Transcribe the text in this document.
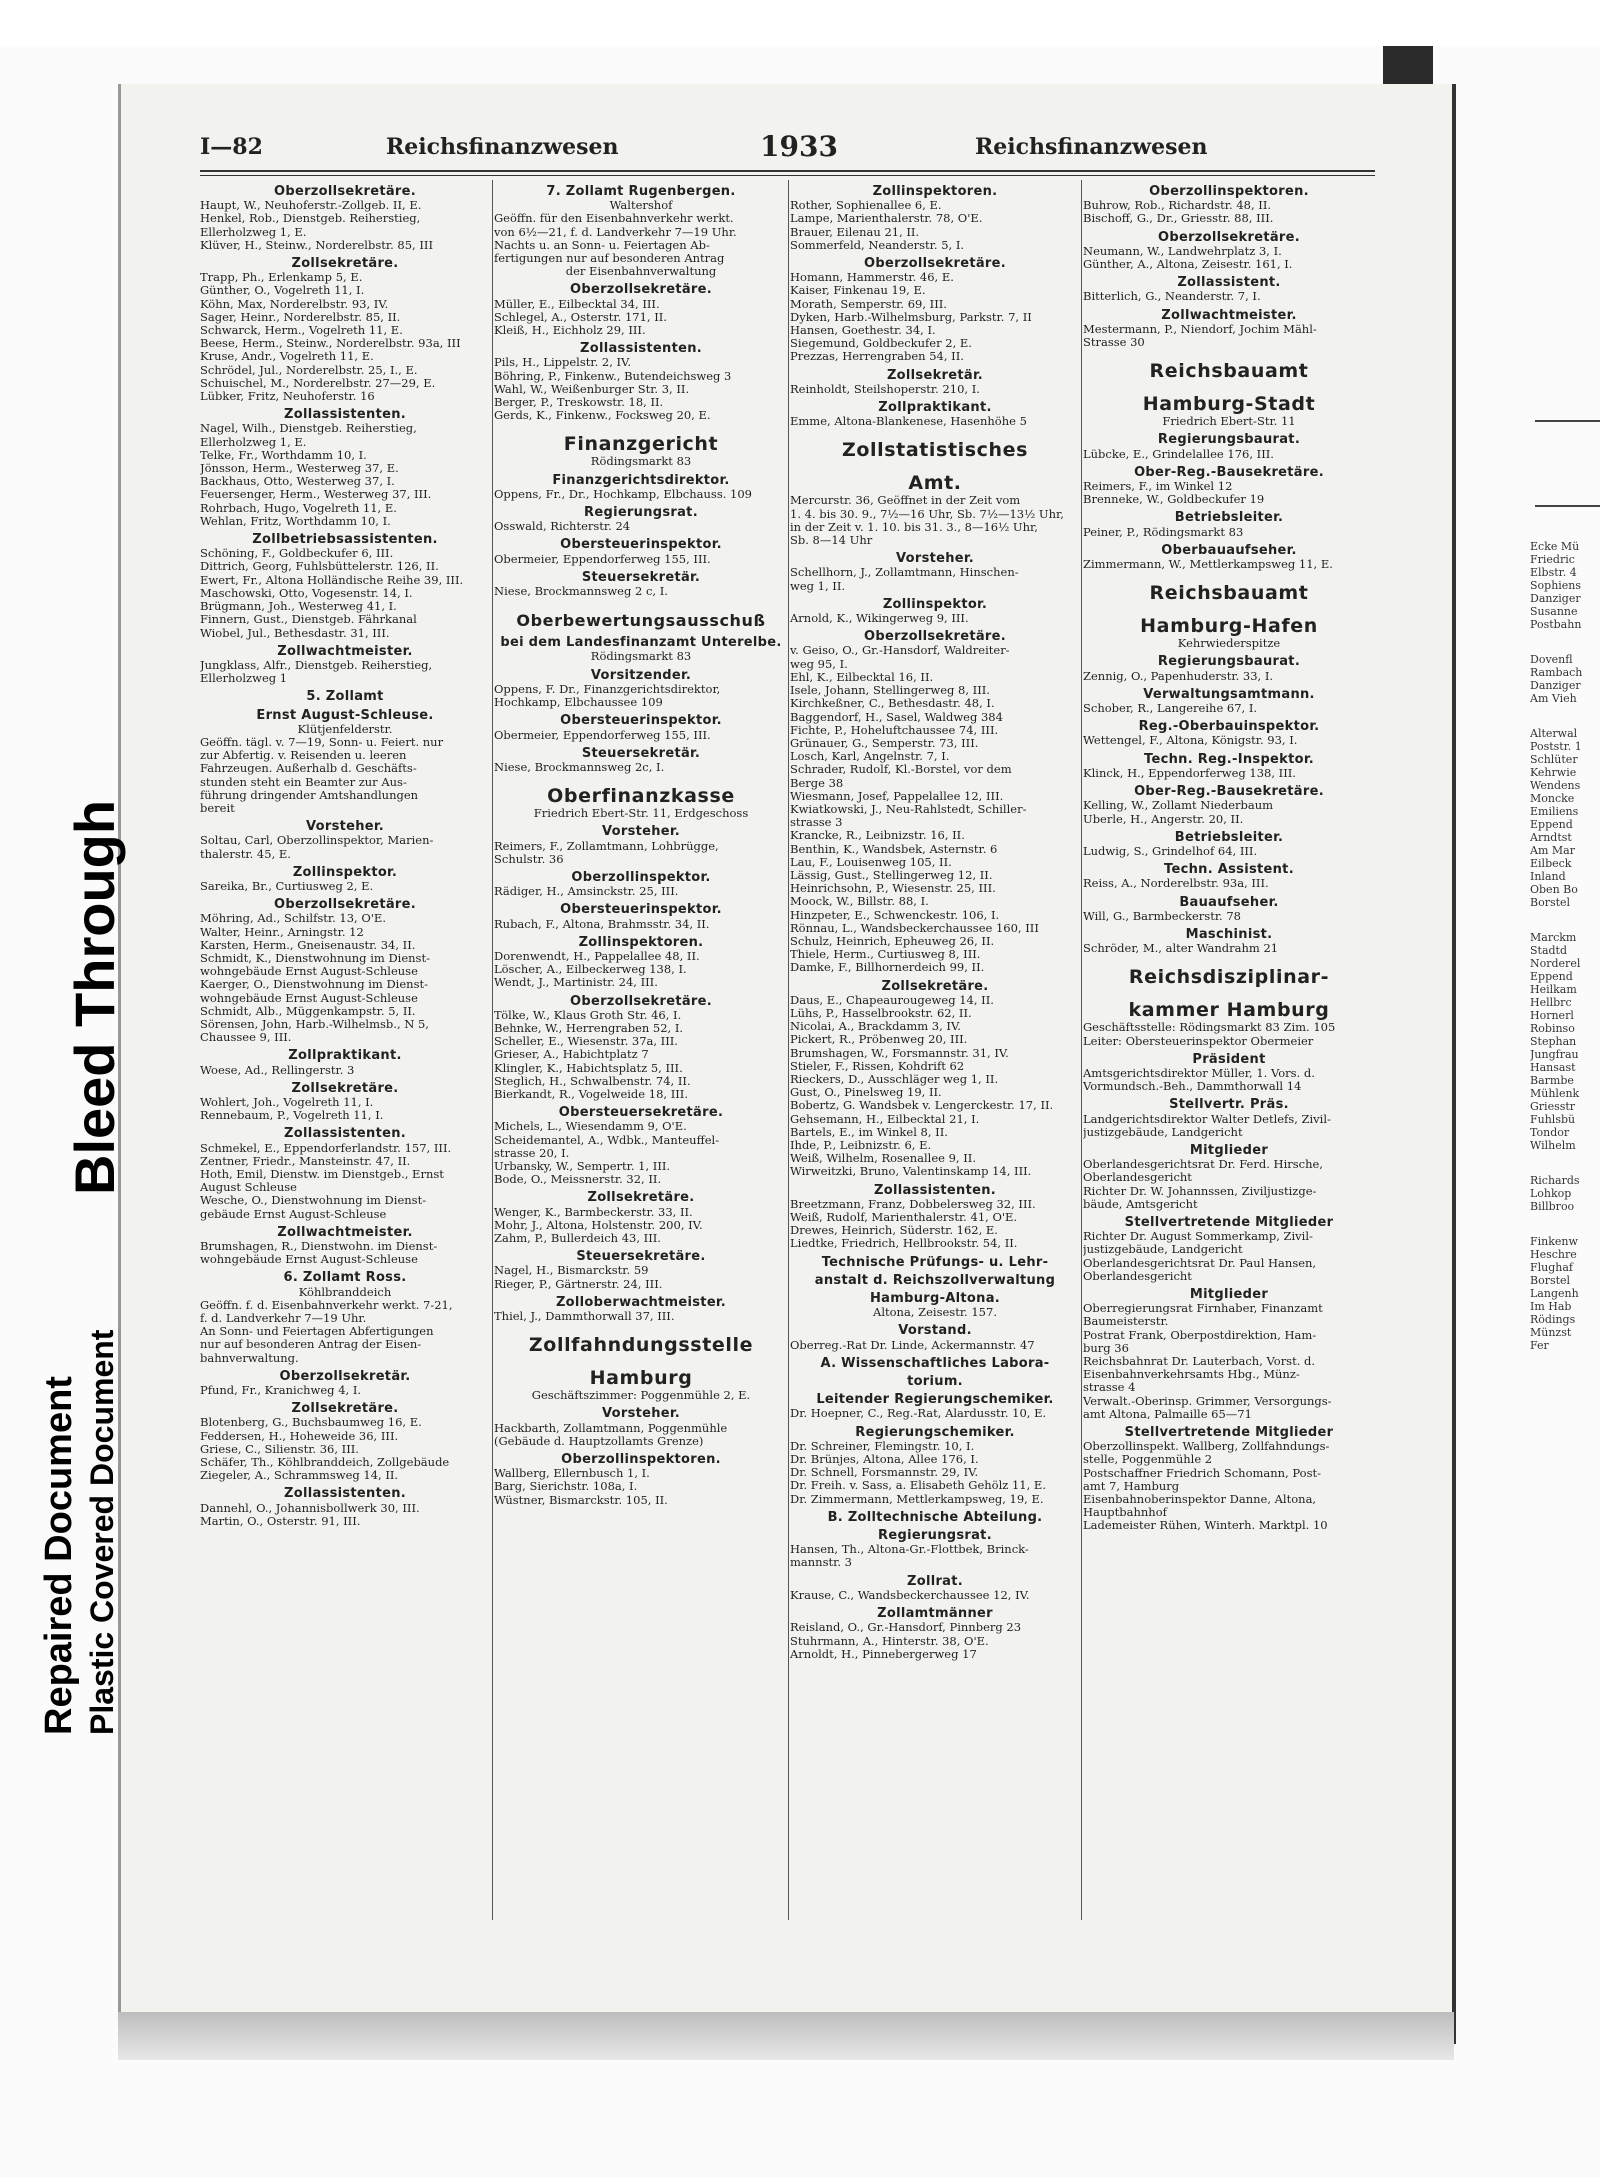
I—82	Reichsfinanzwesen	1933	Reichsfinanzwesen
Oberzollsekretäre.
Haupt, W., Neuhoferstr.-Zollgeb. II, E.
Henkel, Rob., Dienstgeb. Reiherstieg,
Ellerholzweg 1, E.
Klüver, H., Steinw., Norderelbstr. 85, III
Zollsekretäre.
Trapp, Ph., Erlenkamp 5, E.
Günther, O., Vogelreth 11, I.
Köhn, Max, Norderelbstr. 93, IV.
Sager, Heinr., Norderelbstr. 85, II.
Schwarck, Herm., Vogelreth 11, E.
Beese, Herm., Steinw., Norderelbstr. 93a, III
Kruse, Andr., Vogelreth 11, E.
Schrödel, Jul., Norderelbstr. 25, I., E.
Schuischel, M., Norderelbstr. 27—29, E.
Lübker, Fritz, Neuhoferstr. 16
Zollassistenten.
Nagel, Wilh., Dienstgeb. Reiherstieg,
Ellerholzweg 1, E.
Telke, Fr., Worthdamm 10, I.
Jönsson, Herm., Westerweg 37, E.
Backhaus, Otto, Westerweg 37, I.
Feuersenger, Herm., Westerweg 37, III.
Rohrbach, Hugo, Vogelreth 11, E.
Wehlan, Fritz, Worthdamm 10, I.
Zollbetriebsassistenten.
Schöning, F., Goldbeckufer 6, III.
Dittrich, Georg, Fuhlsbüttelerstr. 126, II.
Ewert, Fr., Altona Holländische Reihe 39, III.
Maschowski, Otto, Vogesenstr. 14, I.
Brügmann, Joh., Westerweg 41, I.
Finnern, Gust., Dienstgeb. Fährkanal
Wiobel, Jul., Bethesdastr. 31, III.
Zollwachtmeister.
Jungklass, Alfr., Dienstgeb. Reiherstieg,
Ellerholzweg 1
5. Zollamt
Ernst August-Schleuse.
Klütjenfelderstr.
Geöffn. tägl. v. 7—19, Sonn- u. Feiert. nur
zur Abfertig. v. Reisenden u. leeren
Fahrzeugen. Außerhalb d. Geschäfts-
stunden steht ein Beamter zur Aus-
führung dringender Amtshandlungen
bereit
Vorsteher.
Soltau, Carl, Oberzollinspektor, Marien-
thalerstr. 45, E.
Zollinspektor.
Sareika, Br., Curtiusweg 2, E.
Oberzollsekretäre.
Möhring, Ad., Schilfstr. 13, O'E.
Walter, Heinr., Arningstr. 12
Karsten, Herm., Gneisenaustr. 34, II.
Schmidt, K., Dienstwohnung im Dienst-
wohngebäude Ernst August-Schleuse
Kaerger, O., Dienstwohnung im Dienst-
wohngebäude Ernst August-Schleuse
Schmidt, Alb., Müggenkampstr. 5, II.
Sörensen, John, Harb.-Wilhelmsb., N 5,
Chaussee 9, III.
Zollpraktikant.
Woese, Ad., Rellingerstr. 3
Zollsekretäre.
Wohlert, Joh., Vogelreth 11, I.
Rennebaum, P., Vogelreth 11, I.
Zollassistenten.
Schmekel, E., Eppendorferlandstr. 157, III.
Zentner, Friedr., Mansteinstr. 47, II.
Hoth, Emil, Dienstw. im Dienstgeb., Ernst
August Schleuse
Wesche, O., Dienstwohnung im Dienst-
gebäude Ernst August-Schleuse
Zollwachtmeister.
Brumshagen, R., Dienstwohn. im Dienst-
wohngebäude Ernst August-Schleuse
6. Zollamt Ross.
Köhlbranddeich
Geöffn. f. d. Eisenbahnverkehr werkt. 7-21,
f. d. Landverkehr 7—19 Uhr.
An Sonn- und Feiertagen Abfertigungen
nur auf besonderen Antrag der Eisen-
bahnverwaltung.
Oberzollsekretär.
Pfund, Fr., Kranichweg 4, I.
Zollsekretäre.
Blotenberg, G., Buchsbaumweg 16, E.
Feddersen, H., Hoheweide 36, III.
Griese, C., Silienstr. 36, III.
Schäfer, Th., Köhlbranddeich, Zollgebäude
Ziegeler, A., Schrammsweg 14, II.
Zollassistenten.
Dannehl, O., Johannisbollwerk 30, III.
Martin, O., Osterstr. 91, III.
7. Zollamt Rugenbergen.
Waltershof
Geöffn. für den Eisenbahnverkehr werkt.
von 6½—21, f. d. Landverkehr 7—19 Uhr.
Nachts u. an Sonn- u. Feiertagen Ab-
fertigungen nur auf besonderen Antrag
der Eisenbahnverwaltung
Oberzollsekretäre.
Müller, E., Eilbecktal 34, III.
Schlegel, A., Osterstr. 171, II.
Kleiß, H., Eichholz 29, III.
Zollassistenten.
Pils, H., Lippelstr. 2, IV.
Böhring, P., Finkenw., Butendeichsweg 3
Wahl, W., Weißenburger Str. 3, II.
Berger, P., Treskowstr. 18, II.
Gerds, K., Finkenw., Focksweg 20, E.
Finanzgericht
Rödingsmarkt 83
Finanzgerichtsdirektor.
Oppens, Fr., Dr., Hochkamp, Elbchauss. 109
Regierungsrat.
Osswald, Richterstr. 24
Obersteuerinspektor.
Obermeier, Eppendorferweg 155, III.
Steuersekretär.
Niese, Brockmannsweg 2 c, I.
Oberbewertungsausschuß
bei dem Landesfinanzamt Unterelbe.
Rödingsmarkt 83
Vorsitzender.
Oppens, F. Dr., Finanzgerichtsdirektor,
Hochkamp, Elbchaussee 109
Obersteuerinspektor.
Obermeier, Eppendorferweg 155, III.
Steuersekretär.
Niese, Brockmannsweg 2c, I.
Oberfinanzkasse
Friedrich Ebert-Str. 11, Erdgeschoss
Vorsteher.
Reimers, F., Zollamtmann, Lohbrügge,
Schulstr. 36
Oberzollinspektor.
Rädiger, H., Amsinckstr. 25, III.
Obersteuerinspektor.
Rubach, F., Altona, Brahmsstr. 34, II.
Zollinspektoren.
Dorenwendt, H., Pappelallee 48, II.
Löscher, A., Eilbeckerweg 138, I.
Wendt, J., Martinistr. 24, III.
Oberzollsekretäre.
Tölke, W., Klaus Groth Str. 46, I.
Behnke, W., Herrengraben 52, I.
Scheller, E., Wiesenstr. 37a, III.
Grieser, A., Habichtplatz 7
Klingler, K., Habichtsplatz 5, III.
Steglich, H., Schwalbenstr. 74, II.
Bierkandt, R., Vogelweide 18, III.
Obersteuersekretäre.
Michels, L., Wiesendamm 9, O'E.
Scheidemantel, A., Wdbk., Manteuffel-
strasse 20, I.
Urbansky, W., Sempertr. 1, III.
Bode, O., Meissnerstr. 32, II.
Zollsekretäre.
Wenger, K., Barmbeckerstr. 33, II.
Mohr, J., Altona, Holstenstr. 200, IV.
Zahm, P., Bullerdeich 43, III.
Steuersekretäre.
Nagel, H., Bismarckstr. 59
Rieger, P., Gärtnerstr. 24, III.
Zolloberwachtmeister.
Thiel, J., Dammthorwall 37, III.
Zollfahndungsstelle
Hamburg
Geschäftszimmer: Poggenmühle 2, E.
Vorsteher.
Hackbarth, Zollamtmann, Poggenmühle
(Gebäude d. Hauptzollamts Grenze)
Oberzollinspektoren.
Wallberg, Ellernbusch 1, I.
Barg, Sierichstr. 108a, I.
Wüstner, Bismarckstr. 105, II.
Zollinspektoren.
Rother, Sophienallee 6, E.
Lampe, Marienthalerstr. 78, O'E.
Brauer, Eilenau 21, II.
Sommerfeld, Neanderstr. 5, I.
Oberzollsekretäre.
Homann, Hammerstr. 46, E.
Kaiser, Finkenau 19, E.
Morath, Semperstr. 69, III.
Dyken, Harb.-Wilhelmsburg, Parkstr. 7, II
Hansen, Goethestr. 34, I.
Siegemund, Goldbeckufer 2, E.
Prezzas, Herrengraben 54, II.
Zollsekretär.
Reinholdt, Steilshoperstr. 210, I.
Zollpraktikant.
Emme, Altona-Blankenese, Hasenhöhe 5
Zollstatistisches
Amt.
Mercurstr. 36, Geöffnet in der Zeit vom
1. 4. bis 30. 9., 7½—16 Uhr, Sb. 7½—13½ Uhr,
in der Zeit v. 1. 10. bis 31. 3., 8—16½ Uhr,
Sb. 8—14 Uhr
Vorsteher.
Schellhorn, J., Zollamtmann, Hinschen-
weg 1, II.
Zollinspektor.
Arnold, K., Wikingerweg 9, III.
Oberzollsekretäre.
v. Geiso, O., Gr.-Hansdorf, Waldreiter-
weg 95, I.
Ehl, K., Eilbecktal 16, II.
Isele, Johann, Stellingerweg 8, III.
Kirchkeßner, C., Bethesdastr. 48, I.
Baggendorf, H., Sasel, Waldweg 384
Fichte, P., Hoheluftchaussee 74, III.
Grünauer, G., Semperstr. 73, III.
Losch, Karl, Angelnstr. 7, I.
Schrader, Rudolf, Kl.-Borstel, vor dem
Berge 38
Wiesmann, Josef, Pappelallee 12, III.
Kwiatkowski, J., Neu-Rahlstedt, Schiller-
strasse 3
Krancke, R., Leibnizstr. 16, II.
Benthin, K., Wandsbek, Asternstr. 6
Lau, F., Louisenweg 105, II.
Lässig, Gust., Stellingerweg 12, II.
Heinrichsohn, P., Wiesenstr. 25, III.
Moock, W., Billstr. 88, I.
Hinzpeter, E., Schwenckestr. 106, I.
Rönnau, L., Wandsbeckerchaussee 160, III
Schulz, Heinrich, Epheuweg 26, II.
Thiele, Herm., Curtiusweg 8, III.
Damke, F., Billhornerdeich 99, II.
Zollsekretäre.
Daus, E., Chapeaurougeweg 14, II.
Lühs, P., Hasselbrookstr. 62, II.
Nicolai, A., Brackdamm 3, IV.
Pickert, R., Pröbenweg 20, III.
Brumshagen, W., Forsmannstr. 31, IV.
Stieler, F., Rissen, Kohdrift 62
Rieckers, D., Ausschläger weg 1, II.
Gust, O., Pinelsweg 19, II.
Bobertz, G. Wandsbek v. Lengerckestr. 17, II.
Gehsemann, H., Eilbecktal 21, I.
Bartels, E., im Winkel 8, II.
Ihde, P., Leibnizstr. 6, E.
Weiß, Wilhelm, Rosenallee 9, II.
Wirweitzki, Bruno, Valentinskamp 14, III.
Zollassistenten.
Breetzmann, Franz, Dobbelersweg 32, III.
Weiß, Rudolf, Marienthalerstr. 41, O'E.
Drewes, Heinrich, Süderstr. 162, E.
Liedtke, Friedrich, Hellbrookstr. 54, II.
Technische Prüfungs- u. Lehr-
anstalt d. Reichszollverwaltung
Hamburg-Altona.
Altona, Zeisestr. 157.
Vorstand.
Oberreg.-Rat Dr. Linde, Ackermannstr. 47
A. Wissenschaftliches Labora-
torium.
Leitender Regierungschemiker.
Dr. Hoepner, C., Reg.-Rat, Alardusstr. 10, E.
Regierungschemiker.
Dr. Schreiner, Flemingstr. 10, I.
Dr. Brünjes, Altona, Allee 176, I.
Dr. Schnell, Forsmannstr. 29, IV.
Dr. Freih. v. Sass, a. Elisabeth Gehölz 11, E.
Dr. Zimmermann, Mettlerkampsweg, 19, E.
B. Zolltechnische Abteilung.
Regierungsrat.
Hansen, Th., Altona-Gr.-Flottbek, Brinck-
mannstr. 3
Zollrat.
Krause, C., Wandsbeckerchaussee 12, IV.
Zollamtmänner
Reisland, O., Gr.-Hansdorf, Pinnberg 23
Stuhrmann, A., Hinterstr. 38, O'E.
Arnoldt, H., Pinnebergerweg 17
Oberzollinspektoren.
Buhrow, Rob., Richardstr. 48, II.
Bischoff, G., Dr., Griesstr. 88, III.
Oberzollsekretäre.
Neumann, W., Landwehrplatz 3, I.
Günther, A., Altona, Zeisestr. 161, I.
Zollassistent.
Bitterlich, G., Neanderstr. 7, I.
Zollwachtmeister.
Mestermann, P., Niendorf, Jochim Mähl-
Strasse 30
Reichsbauamt
Hamburg-Stadt
Friedrich Ebert-Str. 11
Regierungsbaurat.
Lübcke, E., Grindelallee 176, III.
Ober-Reg.-Bausekretäre.
Reimers, F., im Winkel 12
Brenneke, W., Goldbeckufer 19
Betriebsleiter.
Peiner, P., Rödingsmarkt 83
Oberbauaufseher.
Zimmermann, W., Mettlerkampsweg 11, E.
Reichsbauamt
Hamburg-Hafen
Kehrwiederspitze
Regierungsbaurat.
Zennig, O., Papenhuderstr. 33, I.
Verwaltungsamtmann.
Schober, R., Langereihe 67, I.
Reg.-Oberbauinspektor.
Wettengel, F., Altona, Königstr. 93, I.
Techn. Reg.-Inspektor.
Klinck, H., Eppendorferweg 138, III.
Ober-Reg.-Bausekretäre.
Kelling, W., Zollamt Niederbaum
Uberle, H., Angerstr. 20, II.
Betriebsleiter.
Ludwig, S., Grindelhof 64, III.
Techn. Assistent.
Reiss, A., Norderelbstr. 93a, III.
Bauaufseher.
Will, G., Barmbeckerstr. 78
Maschinist.
Schröder, M., alter Wandrahm 21
Reichsdisziplinar-
kammer Hamburg
Geschäftsstelle: Rödingsmarkt 83 Zim. 105
Leiter: Obersteuerinspektor Obermeier
Präsident
Amtsgerichtsdirektor Müller, 1. Vors. d.
Vormundsch.-Beh., Dammthorwall 14
Stellvertr. Präs.
Landgerichtsdirektor Walter Detlefs, Zivil-
justizgebäude, Landgericht
Mitglieder
Oberlandesgerichtsrat Dr. Ferd. Hirsche,
Oberlandesgericht
Richter Dr. W. Johannssen, Ziviljustizge-
bäude, Amtsgericht
Stellvertretende Mitglieder
Richter Dr. August Sommerkamp, Zivil-
justizgebäude, Landgericht
Oberlandesgerichtsrat Dr. Paul Hansen,
Oberlandesgericht
Mitglieder
Oberregierungsrat Firnhaber, Finanzamt
Baumeisterstr.
Postrat Frank, Oberpostdirektion, Ham-
burg 36
Reichsbahnrat Dr. Lauterbach, Vorst. d.
Eisenbahnverkehrsamts Hbg., Münz-
strasse 4
Verwalt.-Oberinsp. Grimmer, Versorgungs-
amt Altona, Palmaille 65—71
Stellvertretende Mitglieder
Oberzollinspekt. Wallberg, Zollfahndungs-
stelle, Poggenmühle 2
Postschaffner Friedrich Schomann, Post-
amt 7, Hamburg
Eisenbahnoberinspektor Danne, Altona,
Hauptbahnhof
Lademeister Rühen, Winterh. Marktpl. 10
Ecke Mü
Friedric
Elbstr. 4
Sophiens
Danziger
Susanne
Postbahn
Dovenfl
Rambach
Danziger
Am Vieh
Alterwal
Poststr. 1
Schlüter
Kehrwie
Wendens
Moncke
Emiliens
Eppend
Arndtst
Am Mar
Eilbeck
Inland
Oben Bo
Borstel
Marckm
Stadtd
Norderel
Eppend
Heilkam
Hellbrc
Hornerl
Robinso
Stephan
Jungfrau
Hansast
Barmbe
Mühlenk
Griesstr
Fuhlsbü
Tondor
Wilhelm
Richards
Lohkop
Billbroo
Finkenw
Heschre
Flughaf
Borstel
Langenh
Im Hab
Rödings
Münzst
Fer
Repaired Document Plastic Covered Document
Bleed Through
